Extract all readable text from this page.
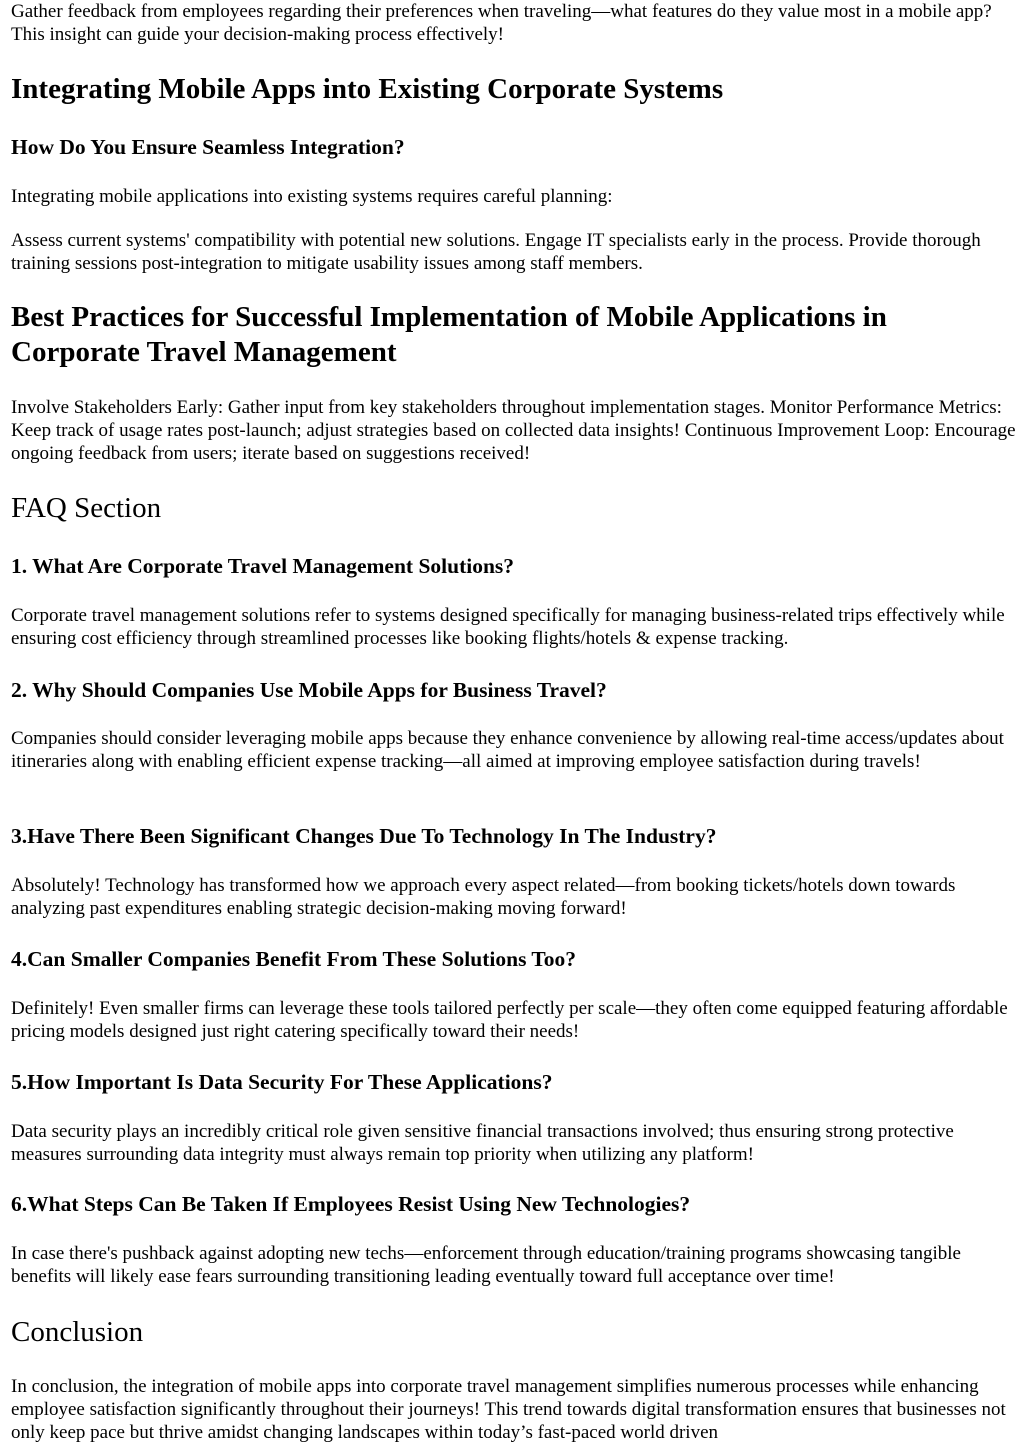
Gather feedback from employees regarding their preferences when traveling—what features do they value most in a mobile app? This insight can guide your decision-making process effectively!

Integrating Mobile Apps into Existing Corporate Systems
How Do You Ensure Seamless Integration?

Integrating mobile applications into existing systems requires careful planning:

Assess current systems' compatibility with potential new solutions. Engage IT specialists early in the process. Provide thorough training sessions post-integration to mitigate usability issues among staff members.

Best Practices for Successful Implementation of Mobile Applications in Corporate Travel Management

Involve Stakeholders Early: Gather input from key stakeholders throughout implementation stages. Monitor Performance Metrics: Keep track of usage rates post-launch; adjust strategies based on collected data insights! Continuous Improvement Loop: Encourage ongoing feedback from users; iterate based on suggestions received!

FAQ Section
1. What Are Corporate Travel Management Solutions?

Corporate travel management solutions refer to systems designed specifically for managing business-related trips effectively while ensuring cost efficiency through streamlined processes like booking flights/hotels & expense tracking.

2. Why Should Companies Use Mobile Apps for Business Travel?

Companies should consider leveraging mobile apps because they enhance convenience by allowing real-time access/updates about itineraries along with enabling efficient expense tracking—all aimed at improving employee satisfaction during travels!

3.Have There Been Significant Changes Due To Technology In The Industry?

Absolutely! Technology has transformed how we approach every aspect related—from booking tickets/hotels down towards analyzing past expenditures enabling strategic decision-making moving forward!

4.Can Smaller Companies Benefit From These Solutions Too?

Definitely! Even smaller firms can leverage these tools tailored perfectly per scale—they often come equipped featuring affordable pricing models designed just right catering specifically toward their needs!

5.How Important Is Data Security For These Applications?

Data security plays an incredibly critical role given sensitive financial transactions involved; thus ensuring strong protective measures surrounding data integrity must always remain top priority when utilizing any platform!

6.What Steps Can Be Taken If Employees Resist Using New Technologies?

In case there's pushback against adopting new techs—enforcement through education/training programs showcasing tangible benefits will likely ease fears surrounding transitioning leading eventually toward full acceptance over time!

Conclusion

In conclusion, the integration of mobile apps into corporate travel management simplifies numerous processes while enhancing employee satisfaction significantly throughout their journeys! This trend towards digital transformation ensures that businesses not only keep pace but thrive amidst changing landscapes within today’s fast-paced world driven
